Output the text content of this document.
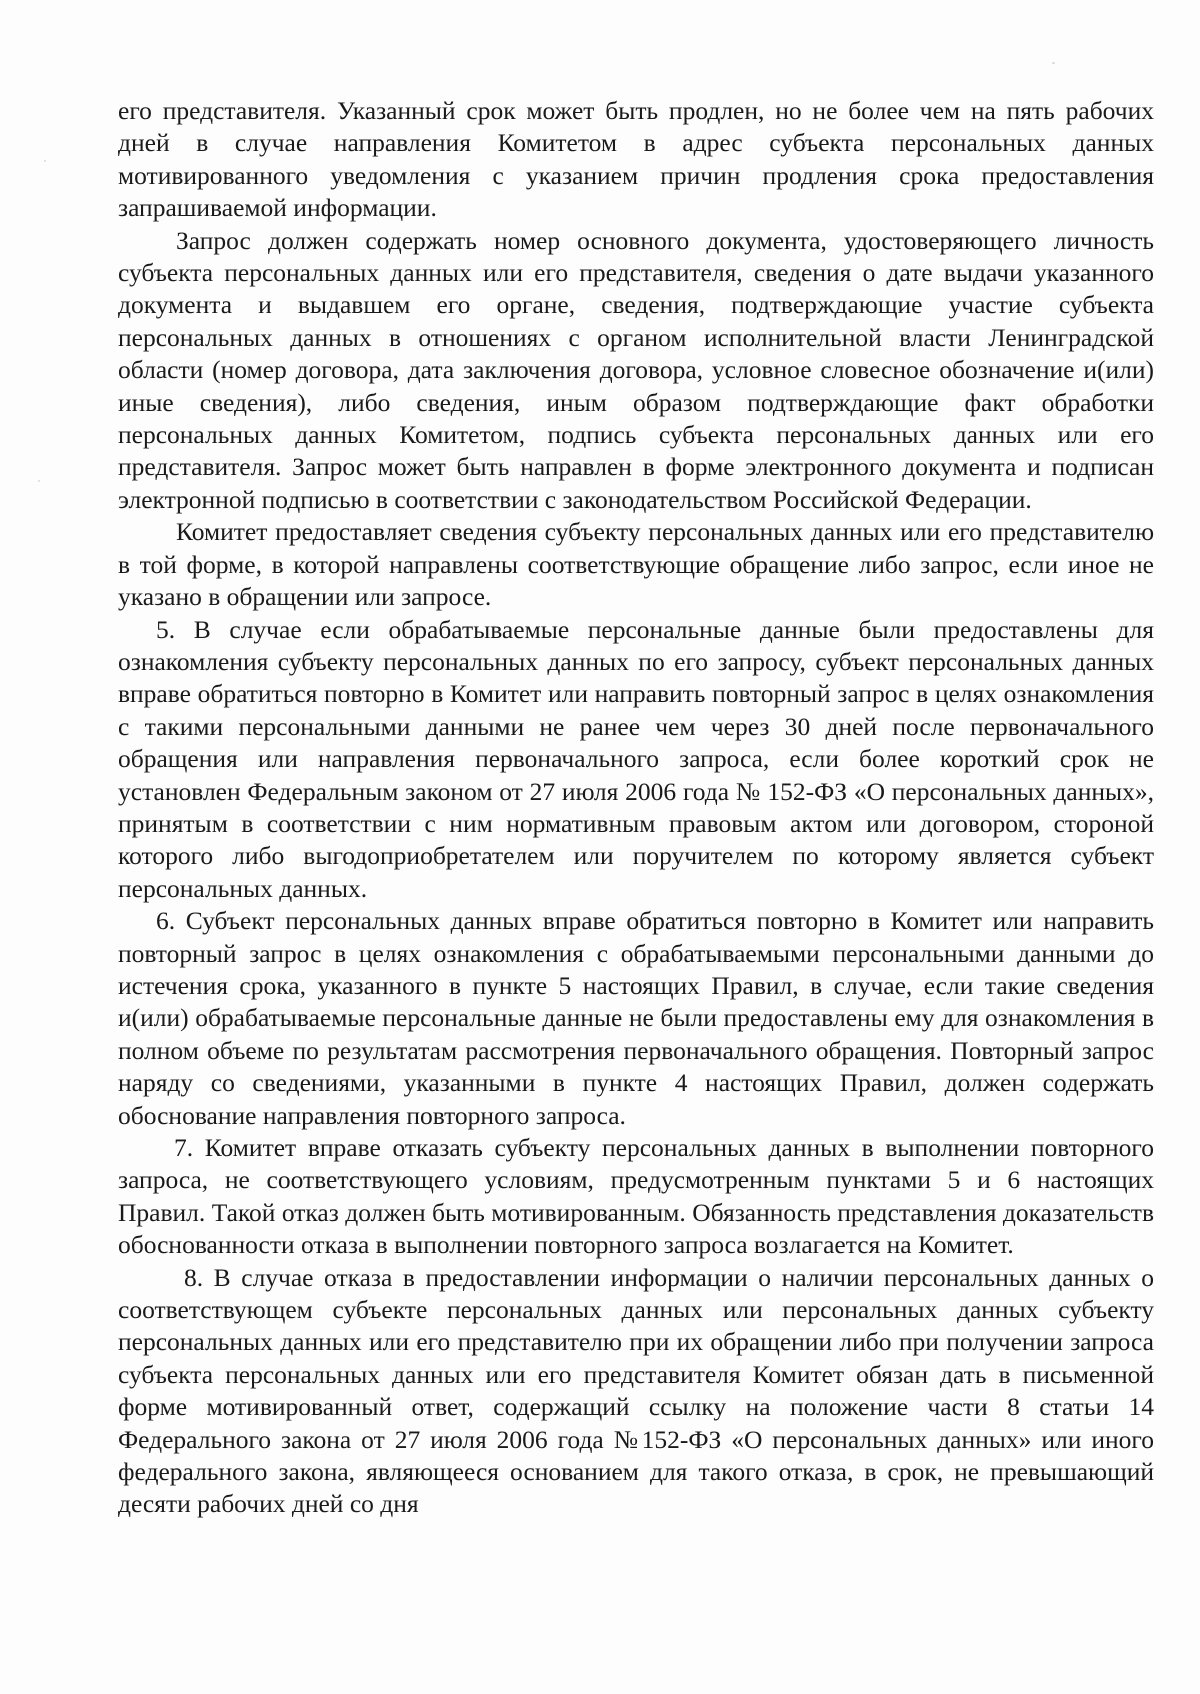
его представителя. Указанный срок может быть продлен, но не более чем на пять рабочих дней в случае направления Комитетом в адрес субъекта персональных данных мотивированного уведомления с указанием причин продления срока предоставления запрашиваемой информации.

Запрос должен содержать номер основного документа, удостоверяющего личность субъекта персональных данных или его представителя, сведения о дате выдачи указанного документа и выдавшем его органе, сведения, подтверждающие участие субъекта персональных данных в отношениях с органом исполнительной власти Ленинградской области (номер договора, дата заключения договора, условное словесное обозначение и(или) иные сведения), либо сведения, иным образом подтверждающие факт обработки персональных данных Комитетом, подпись субъекта персональных данных или его представителя. Запрос может быть направлен в форме электронного документа и подписан электронной подписью в соответствии с законодательством Российской Федерации.

Комитет предоставляет сведения субъекту персональных данных или его представителю в той форме, в которой направлены соответствующие обращение либо запрос, если иное не указано в обращении или запросе.

5. В случае если обрабатываемые персональные данные были предоставлены для ознакомления субъекту персональных данных по его запросу, субъект персональных данных вправе обратиться повторно в Комитет или направить повторный запрос в целях ознакомления с такими персональными данными не ранее чем через 30 дней после первоначального обращения или направления первоначального запроса, если более короткий срок не установлен Федеральным законом от 27 июля 2006 года № 152-ФЗ «О персональных данных», принятым в соответствии с ним нормативным правовым актом или договором, стороной которого либо выгодоприобретателем или поручителем по которому является субъект персональных данных.

6. Субъект персональных данных вправе обратиться повторно в Комитет или направить повторный запрос в целях ознакомления с обрабатываемыми персональными данными до истечения срока, указанного в пункте 5 настоящих Правил, в случае, если такие сведения и(или) обрабатываемые персональные данные не были предоставлены ему для ознакомления в полном объеме по результатам рассмотрения первоначального обращения. Повторный запрос наряду со сведениями, указанными в пункте 4 настоящих Правил, должен содержать обоснование направления повторного запроса.

7. Комитет вправе отказать субъекту персональных данных в выполнении повторного запроса, не соответствующего условиям, предусмотренным пунктами 5 и 6 настоящих Правил. Такой отказ должен быть мотивированным. Обязанность представления доказательств обоснованности отказа в выполнении повторного запроса возлагается на Комитет.

8. В случае отказа в предоставлении информации о наличии персональных данных о соответствующем субъекте персональных данных или персональных данных субъекту персональных данных или его представителю при их обращении либо при получении запроса субъекта персональных данных или его представителя Комитет обязан дать в письменной форме мотивированный ответ, содержащий ссылку на положение части 8 статьи 14 Федерального закона от 27 июля 2006 года №152-ФЗ «О персональных данных» или иного федерального закона, являющееся основанием для такого отказа, в срок, не превышающий десяти рабочих дней со дня
